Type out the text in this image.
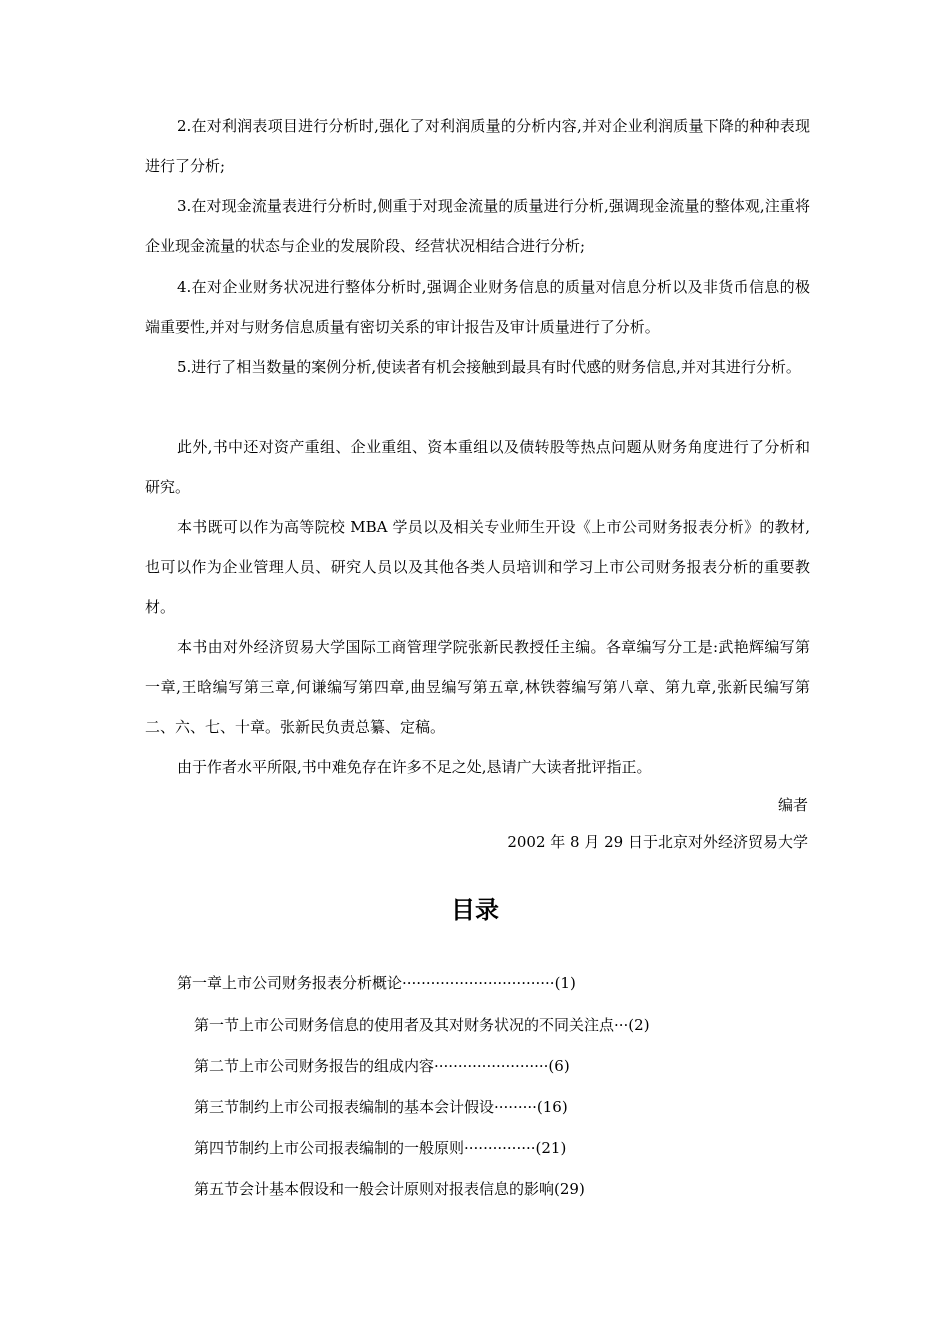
2.在对利润表项目进行分析时,强化了对利润质量的分析内容,并对企业利润质量下降的种种表现进行了分析;

3.在对现金流量表进行分析时,侧重于对现金流量的质量进行分析,强调现金流量的整体观,注重将企业现金流量的状态与企业的发展阶段、经营状况相结合进行分析;

4.在对企业财务状况进行整体分析时,强调企业财务信息的质量对信息分析以及非货币信息的极端重要性,并对与财务信息质量有密切关系的审计报告及审计质量进行了分析。

5.进行了相当数量的案例分析,使读者有机会接触到最具有时代感的财务信息,并对其进行分析。

此外,书中还对资产重组、企业重组、资本重组以及债转股等热点问题从财务角度进行了分析和研究。

本书既可以作为高等院校 MBA 学员以及相关专业师生开设《上市公司财务报表分析》的教材,也可以作为企业管理人员、研究人员以及其他各类人员培训和学习上市公司财务报表分析的重要教材。

本书由对外经济贸易大学国际工商管理学院张新民教授任主编。各章编写分工是:武艳辉编写第一章,王晗编写第三章,何谦编写第四章,曲昱编写第五章,林铁蓉编写第八章、第九章,张新民编写第二、六、七、十章。张新民负责总纂、定稿。

由于作者水平所限,书中难免存在许多不足之处,恳请广大读者批评指正。

编者
2002 年 8 月 29 日于北京对外经济贸易大学
目录
第一章上市公司财务报表分析概论································(1)
第一节上市公司财务信息的使用者及其对财务状况的不同关注点···(2)
第二节上市公司财务报告的组成内容························(6)
第三节制约上市公司报表编制的基本会计假设·········(16)
第四节制约上市公司报表编制的一般原则···············(21)
第五节会计基本假设和一般会计原则对报表信息的影响(29)
